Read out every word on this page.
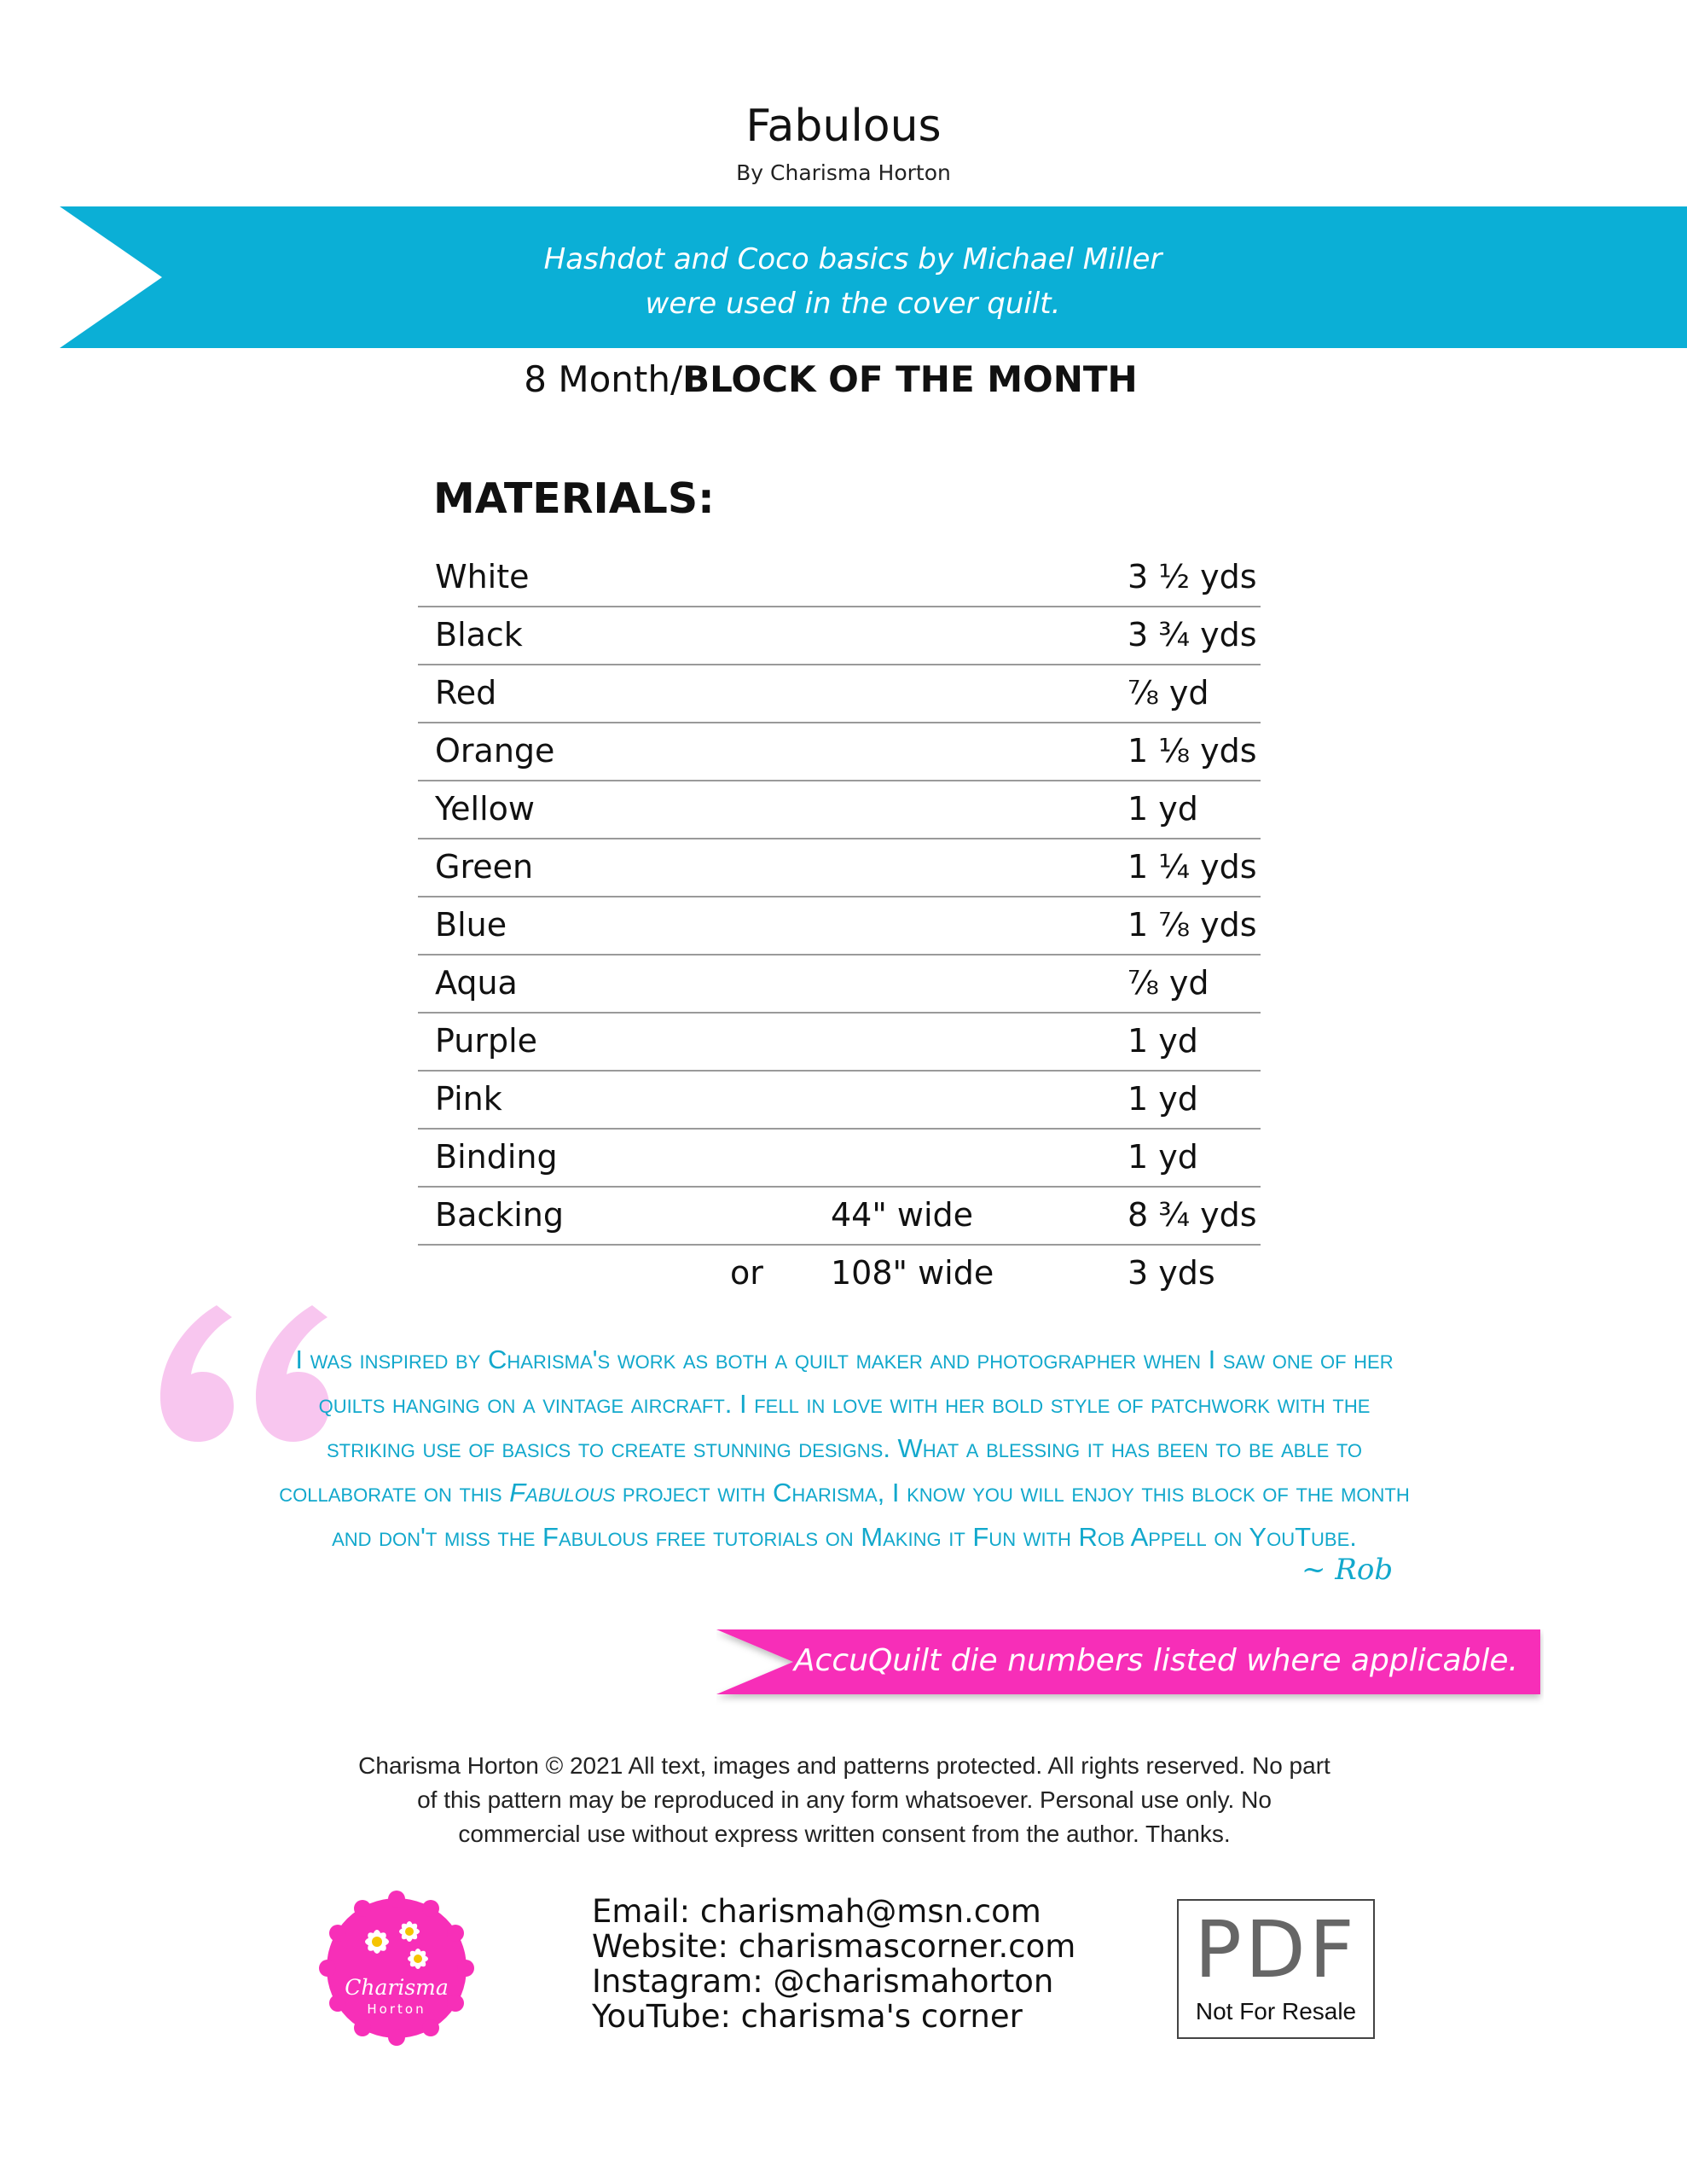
Fabulous
By Charisma Horton
Hashdot and Coco basics by Michael Miller
were used in the cover quilt.
8 Month/BLOCK OF THE MONTH
MATERIALS:
White	3 ½ yds
Black	3 ¾ yds
Red	⅞ yd
Orange	1 ⅛ yds
Yellow	1 yd
Green	1 ¼ yds
Blue	1 ⅞ yds
Aqua	⅞ yd
Purple	1 yd
Pink	1 yd
Binding	1 yd
Backing	44" wide	8 ¾ yds
or 108" wide	3 yds
I was inspired by Charisma's work as both a quilt maker and photographer when I saw one of her
quilts hanging on a vintage aircraft. I fell in love with her bold style of patchwork with the
striking use of basics to create stunning designs. What a blessing it has been to be able to
collaborate on this Fabulous project with Charisma, I know you will enjoy this block of the month
and don't miss the Fabulous free tutorials on Making it Fun with Rob Appell on YouTube.
~ Rob
AccuQuilt die numbers listed where applicable.
Charisma Horton © 2021 All text, images and patterns protected. All rights reserved. No part
of this pattern may be reproduced in any form whatsoever. Personal use only. No
commercial use without express written consent from the author. Thanks.
Charisma
Horton
Email: charismah@msn.com
Website: charismascorner.com
Instagram: @charismahorton
YouTube: charisma's corner
PDF
Not For Resale
